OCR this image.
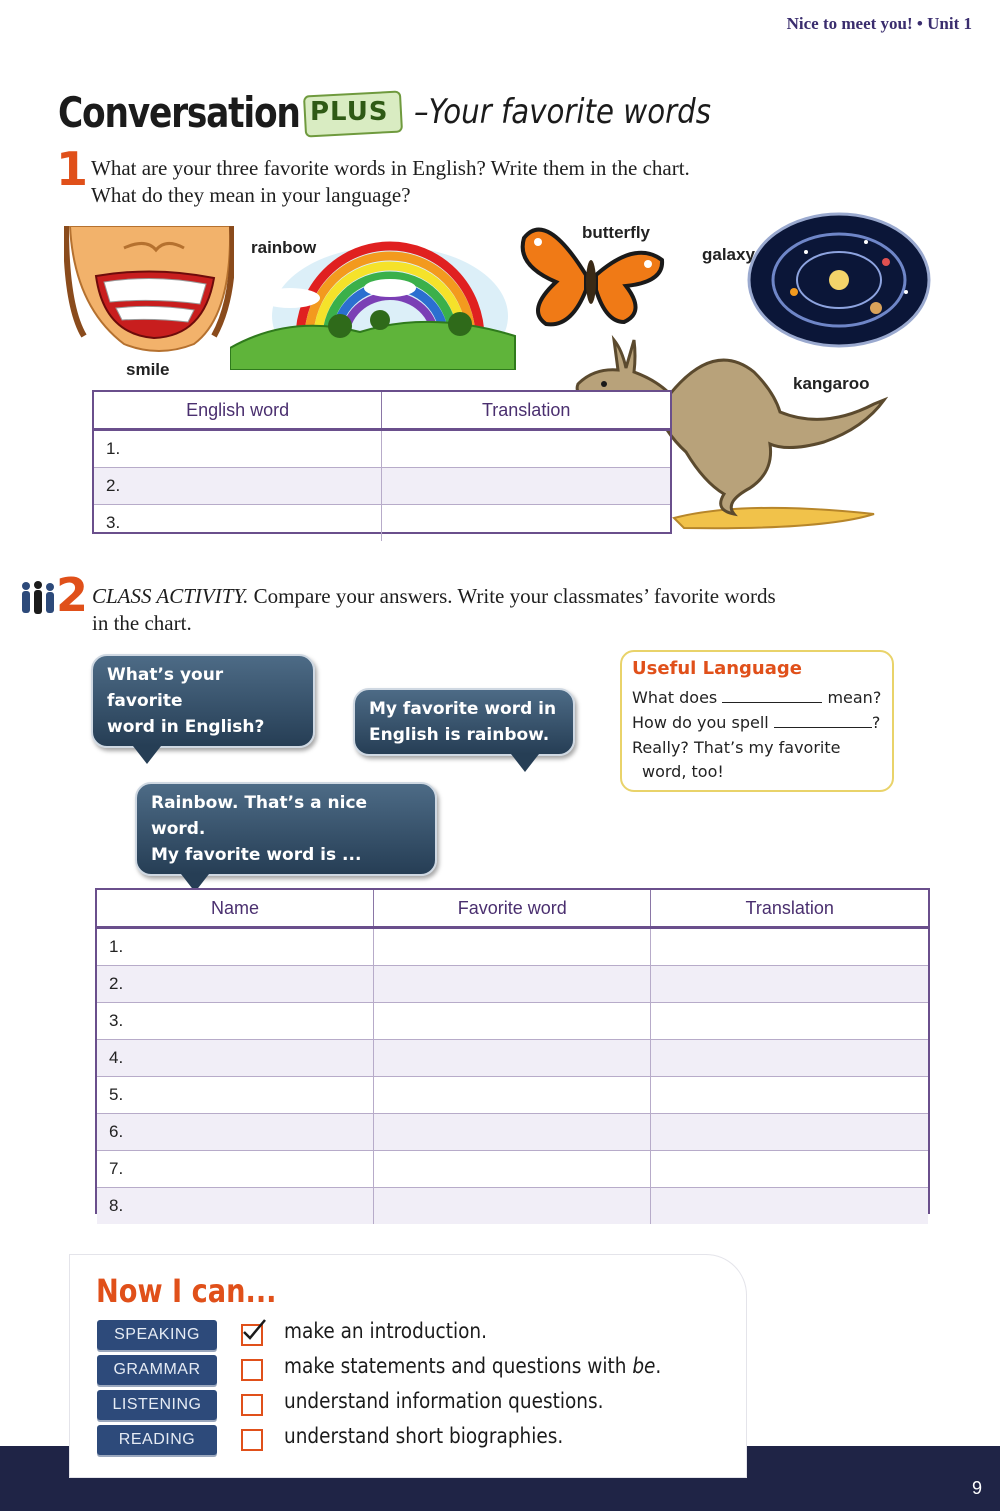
Nice to meet you! • Unit 1
Conversation PLUS –Your favorite words
1 What are your three favorite words in English? Write them in the chart.
What do they mean in your language?
smile
rainbow
butterfly
galaxy
kangaroo
English word	Translation
1.	
2.	
3.	
2 CLASS ACTIVITY. Compare your answers. Write your classmates’ favorite words
in the chart.
What’s your favorite
word in English?
My favorite word in
English is rainbow.
Rainbow. That’s a nice word.
My favorite word is ...
Useful Language
What does	mean?
How do you spell	?
Really? That’s my favorite
word, too!
Name	Favorite word	Translation
1.		
2.		
3.		
4.		
5.		
6.		
7.		
8.		
Now I can...
SPEAKING	make an introduction.
GRAMMAR	make statements and questions with be.
LISTENING	understand information questions.
READING	understand short biographies.
9
